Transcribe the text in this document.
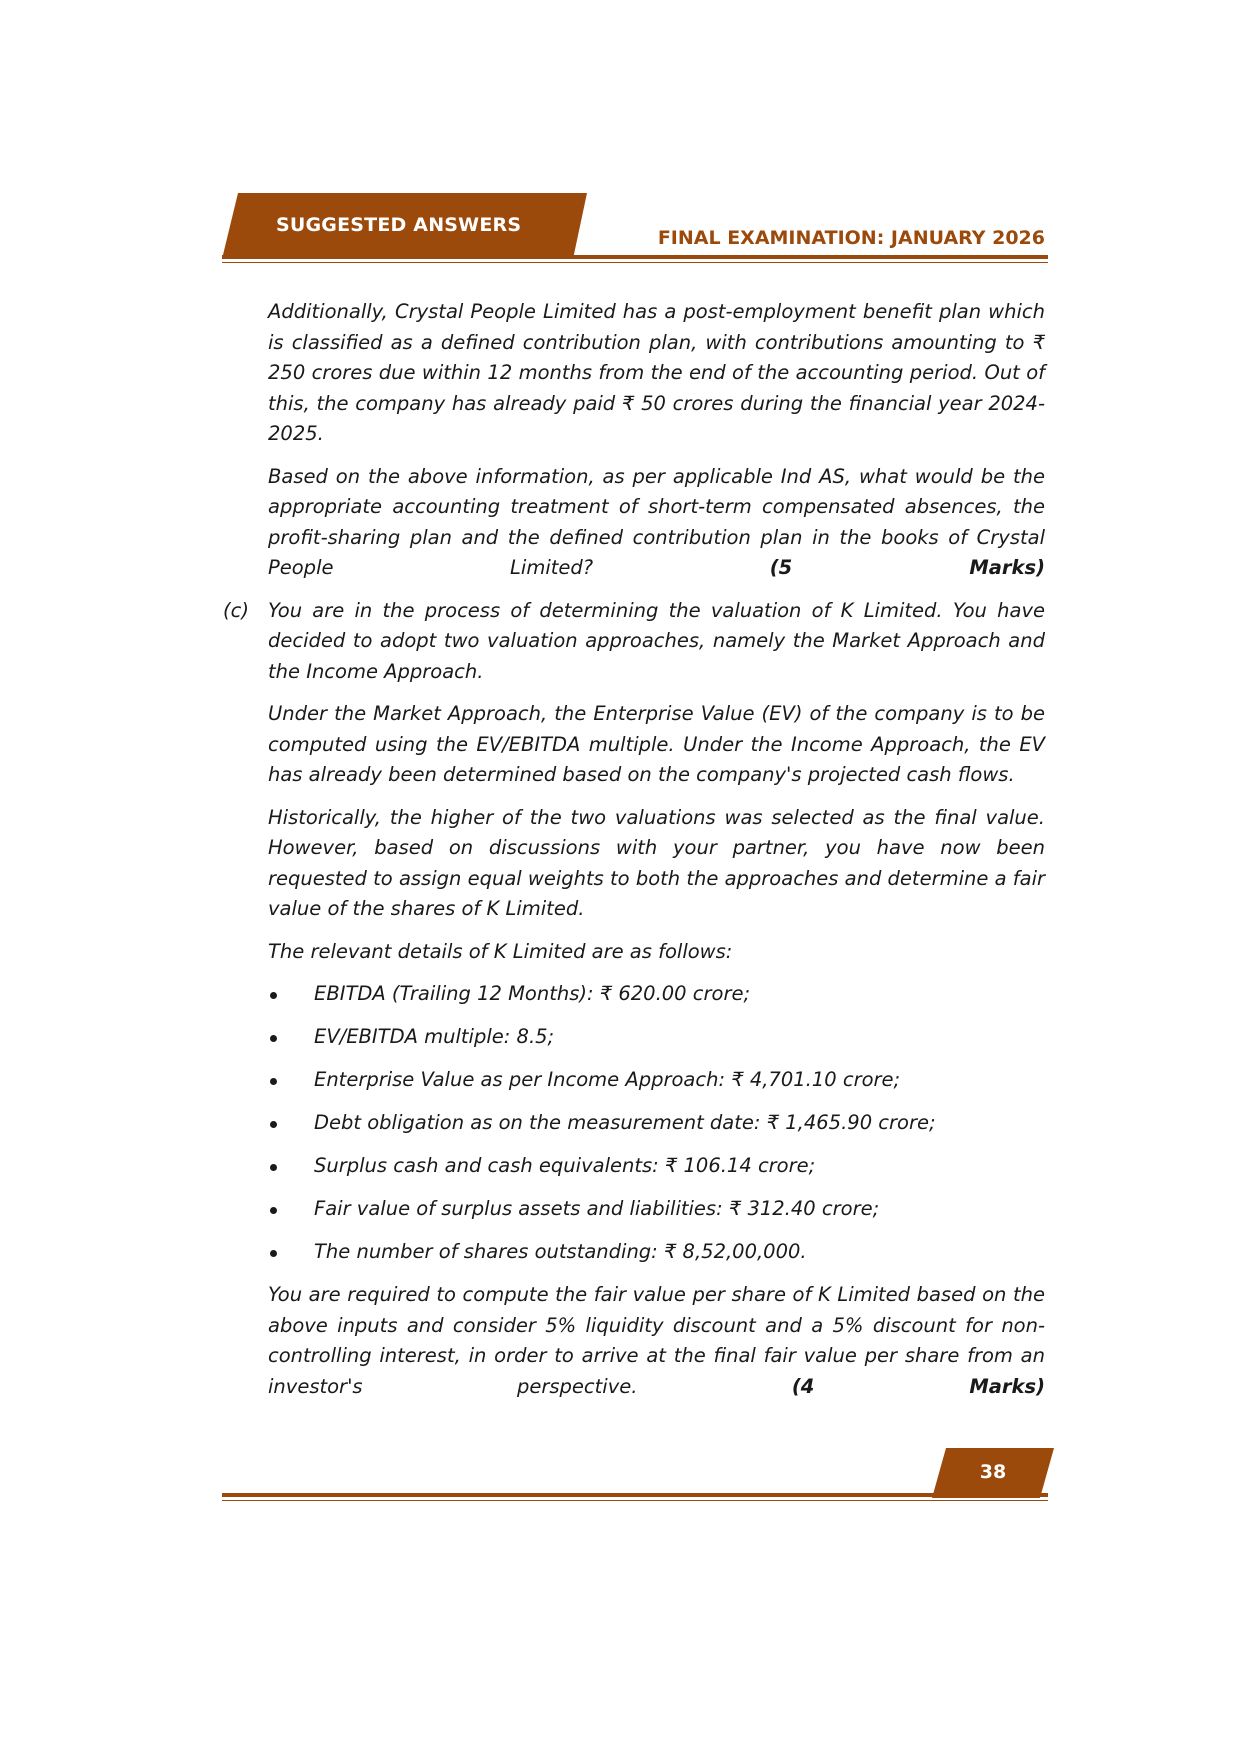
SUGGESTED ANSWERS
FINAL EXAMINATION: JANUARY 2026

Additionally, Crystal People Limited has a post-employment benefit plan which is classified as a defined contribution plan, with contributions amounting to ₹ 250 crores due within 12 months from the end of the accounting period. Out of this, the company has already paid ₹ 50 crores during the financial year 2024-2025.

Based on the above information, as per applicable Ind AS, what would be the appropriate accounting treatment of short-term compensated absences, the profit-sharing plan and the defined contribution plan in the books of Crystal People Limited?	(5 Marks)

(c) You are in the process of determining the valuation of K Limited. You have decided to adopt two valuation approaches, namely the Market Approach and the Income Approach.

Under the Market Approach, the Enterprise Value (EV) of the company is to be computed using the EV/EBITDA multiple. Under the Income Approach, the EV has already been determined based on the company's projected cash flows.

Historically, the higher of the two valuations was selected as the final value. However, based on discussions with your partner, you have now been requested to assign equal weights to both the approaches and determine a fair value of the shares of K Limited.

The relevant details of K Limited are as follows:

EBITDA (Trailing 12 Months): ₹ 620.00 crore;
EV/EBITDA multiple: 8.5;
Enterprise Value as per Income Approach: ₹ 4,701.10 crore;
Debt obligation as on the measurement date: ₹ 1,465.90 crore;
Surplus cash and cash equivalents: ₹ 106.14 crore;
Fair value of surplus assets and liabilities: ₹ 312.40 crore;
The number of shares outstanding: ₹ 8,52,00,000.

You are required to compute the fair value per share of K Limited based on the above inputs and consider 5% liquidity discount and a 5% discount for non-controlling interest, in order to arrive at the final fair value per share from an investor's perspective.	(4 Marks)

38
